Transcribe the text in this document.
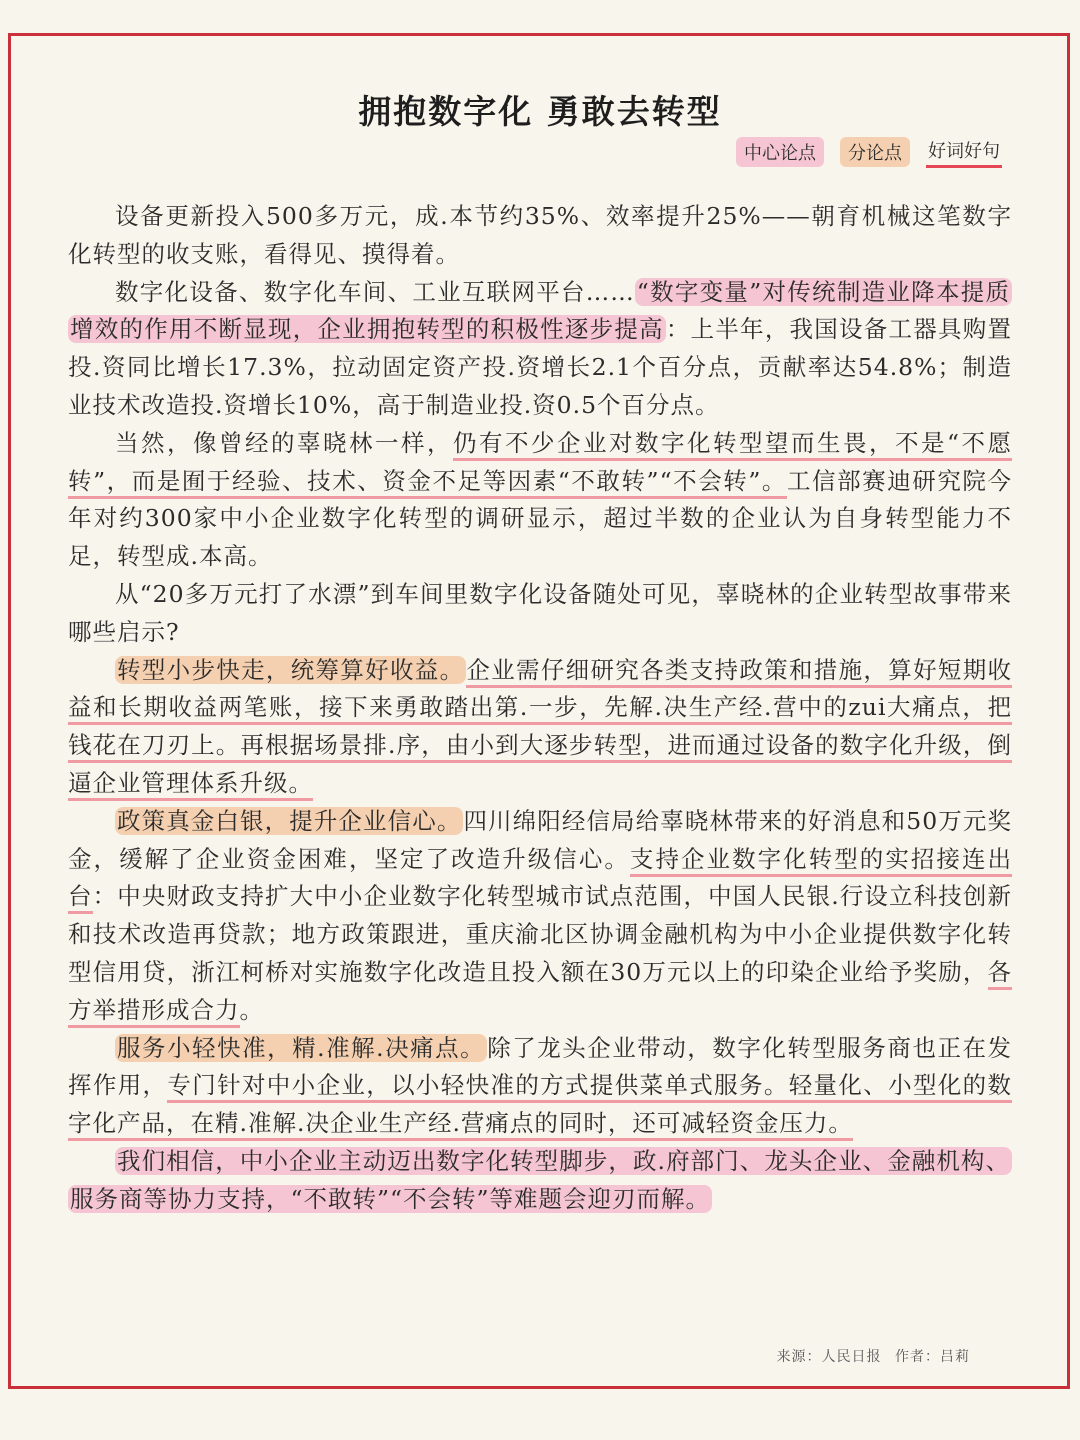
拥抱数字化 勇敢去转型
中心论点	分论点	好词好句

设备更新投入500多万元，成.本节约35%、效率提升25%——朝育机械这笔数字化转型的收支账，看得见、摸得着。

数字化设备、数字化车间、工业互联网平台……“数字变量”对传统制造业降本提质增效的作用不断显现，企业拥抱转型的积极性逐步提高：上半年，我国设备工器具购置投.资同比增长17.3%，拉动固定资产投.资增长2.1个百分点，贡献率达54.8%；制造业技术改造投.资增长10%，高于制造业投.资0.5个百分点。

当然，像曾经的辜晓林一样，仍有不少企业对数字化转型望而生畏，不是“不愿转”，而是囿于经验、技术、资金不足等因素“不敢转”“不会转”。工信部赛迪研究院今年对约300家中小企业数字化转型的调研显示，超过半数的企业认为自身转型能力不足，转型成.本高。

从“20多万元打了水漂”到车间里数字化设备随处可见，辜晓林的企业转型故事带来哪些启示?

转型小步快走，统筹算好收益。企业需仔细研究各类支持政策和措施，算好短期收益和长期收益两笔账，接下来勇敢踏出第.一步，先解.决生产经.营中的zui大痛点，把钱花在刀刃上。再根据场景排.序，由小到大逐步转型，进而通过设备的数字化升级，倒逼企业管理体系升级。

政策真金白银，提升企业信心。四川绵阳经信局给辜晓林带来的好消息和50万元奖金，缓解了企业资金困难，坚定了改造升级信心。支持企业数字化转型的实招接连出台：中央财政支持扩大中小企业数字化转型城市试点范围，中国人民银.行设立科技创新和技术改造再贷款；地方政策跟进，重庆渝北区协调金融机构为中小企业提供数字化转型信用贷，浙江柯桥对实施数字化改造且投入额在30万元以上的印染企业给予奖励，各方举措形成合力。

服务小轻快准，精.准解.决痛点。除了龙头企业带动，数字化转型服务商也正在发挥作用，专门针对中小企业，以小轻快准的方式提供菜单式服务。轻量化、小型化的数字化产品，在精.准解.决企业生产经.营痛点的同时，还可减轻资金压力。

我们相信，中小企业主动迈出数字化转型脚步，政.府部门、龙头企业、金融机构、服务商等协力支持，“不敢转”“不会转”等难题会迎刃而解。

来源：人民日报 作者：吕莉
